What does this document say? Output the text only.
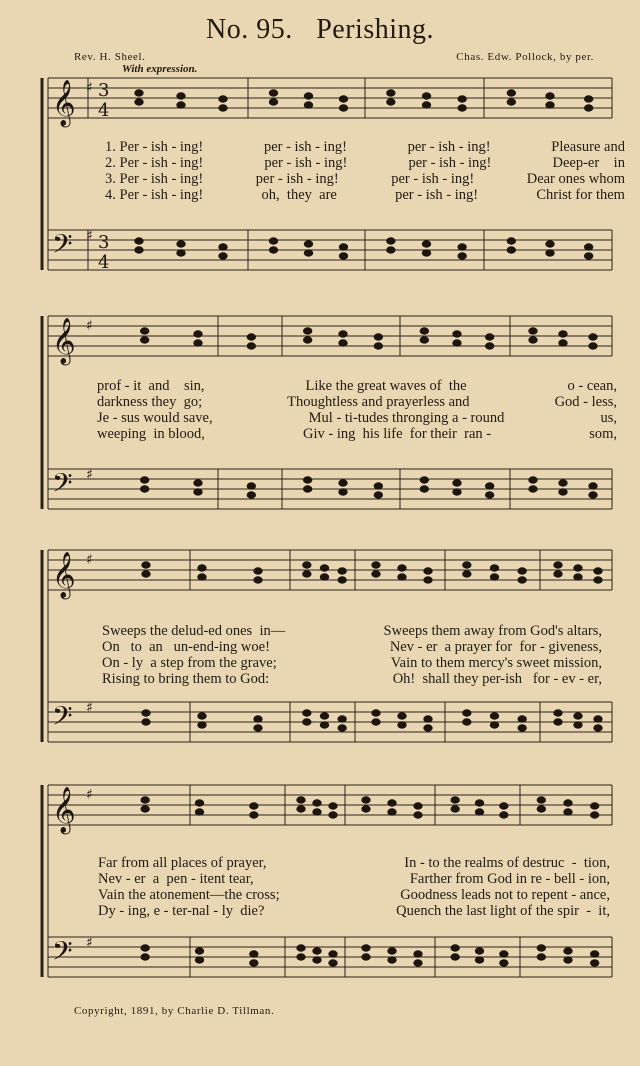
No. 95. Perishing.
Rev. H. Sheel.	Chas. Edw. Pollock, by per.
With expression.
𝄞
𝄢
♯
♯
3
4
3
4
𝄞
𝄢
♯
♯
𝄞
𝄢
♯
♯
𝄞
𝄢
♯
♯
1. Per - ish - ing!	per - ish - ing!	per - ish - ing!	Pleasure and
2. Per - ish - ing!	per - ish - ing!	per - ish - ing!	Deep-er    in
3. Per - ish - ing!	per - ish - ing!	per - ish - ing!	Dear ones whom
4. Per - ish - ing!	oh,  they  are	per - ish - ing!	Christ for them
prof - it  and    sin,	Like the great waves of  the	o - cean,
darkness they  go;	Thoughtless and prayerless and	God - less,
Je - sus would save,	Mul - ti-tudes thronging a - round	us,
weeping  in blood,	Giv - ing  his life  for their  ran -	som,
Sweeps the delud-ed ones  in—	Sweeps them away from God's altars,
On   to  an   un-end-ing woe!	Nev - er  a prayer for  for - giveness,
On - ly  a step from the grave;	Vain to them mercy's sweet mission,
Rising to bring them to God:	Oh!  shall they per-ish   for - ev - er,
Far from all places of prayer,	In - to the realms of destruc  -  tion,
Nev - er  a  pen - itent tear,	Farther from God in re - bell - ion,
Vain the atonement—the cross;	Goodness leads not to repent - ance,
Dy - ing, e - ter-nal - ly  die?	Quench the last light of the spir  -  it,
Copyright, 1891, by Charlie D. Tillman.
